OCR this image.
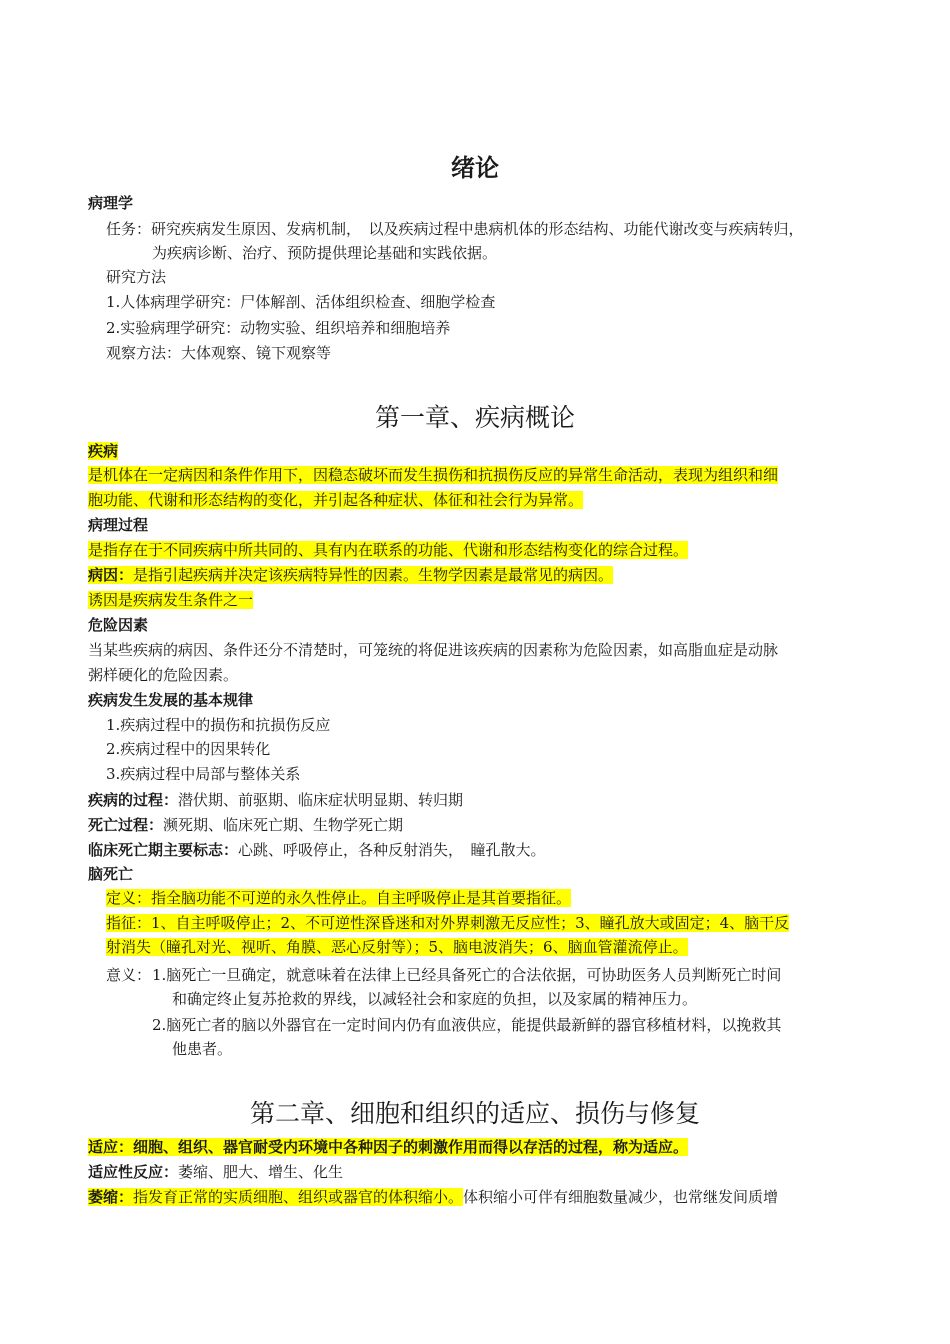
绪论
病理学
任务：研究疾病发生原因、发病机制，　以及疾病过程中患病机体的形态结构、功能代谢改变与疾病转归，
为疾病诊断、治疗、预防提供理论基础和实践依据。
研究方法
1.人体病理学研究：尸体解剖、活体组织检查、细胞学检查
2.实验病理学研究：动物实验、组织培养和细胞培养
观察方法：大体观察、镜下观察等
第一章、疾病概论
疾病
是机体在一定病因和条件作用下，因稳态破坏而发生损伤和抗损伤反应的异常生命活动，表现为组织和细
胞功能、代谢和形态结构的变化，并引起各种症状、体征和社会行为异常。
病理过程
是指存在于不同疾病中所共同的、具有内在联系的功能、代谢和形态结构变化的综合过程。
病因：是指引起疾病并决定该疾病特异性的因素。生物学因素是最常见的病因。
诱因是疾病发生条件之一
危险因素
当某些疾病的病因、条件还分不清楚时，可笼统的将促进该疾病的因素称为危险因素，如高脂血症是动脉
粥样硬化的危险因素。
疾病发生发展的基本规律
1.疾病过程中的损伤和抗损伤反应
2.疾病过程中的因果转化
3.疾病过程中局部与整体关系
疾病的过程：潜伏期、前驱期、临床症状明显期、转归期
死亡过程：濒死期、临床死亡期、生物学死亡期
临床死亡期主要标志：心跳、呼吸停止，各种反射消失，　瞳孔散大。
脑死亡
定义：指全脑功能不可逆的永久性停止。自主呼吸停止是其首要指征。
指征：1、自主呼吸停止；2、不可逆性深昏迷和对外界刺激无反应性；3、瞳孔放大或固定；4、脑干反
射消失（瞳孔对光、视听、角膜、恶心反射等）；5、脑电波消失；6、脑血管灌流停止。
意义： 1.脑死亡一旦确定，就意味着在法律上已经具备死亡的合法依据，可协助医务人员判断死亡时间
和确定终止复苏抢救的界线，以减轻社会和家庭的负担，以及家属的精神压力。
2.脑死亡者的脑以外器官在一定时间内仍有血液供应，能提供最新鲜的器官移植材料，以挽救其
他患者。
第二章、细胞和组织的适应、损伤与修复
适应：细胞、组织、器官耐受内环境中各种因子的刺激作用而得以存活的过程，称为适应。
适应性反应：萎缩、肥大、增生、化生
萎缩：指发育正常的实质细胞、组织或器官的体积缩小。体积缩小可伴有细胞数量减少，也常继发间质增
